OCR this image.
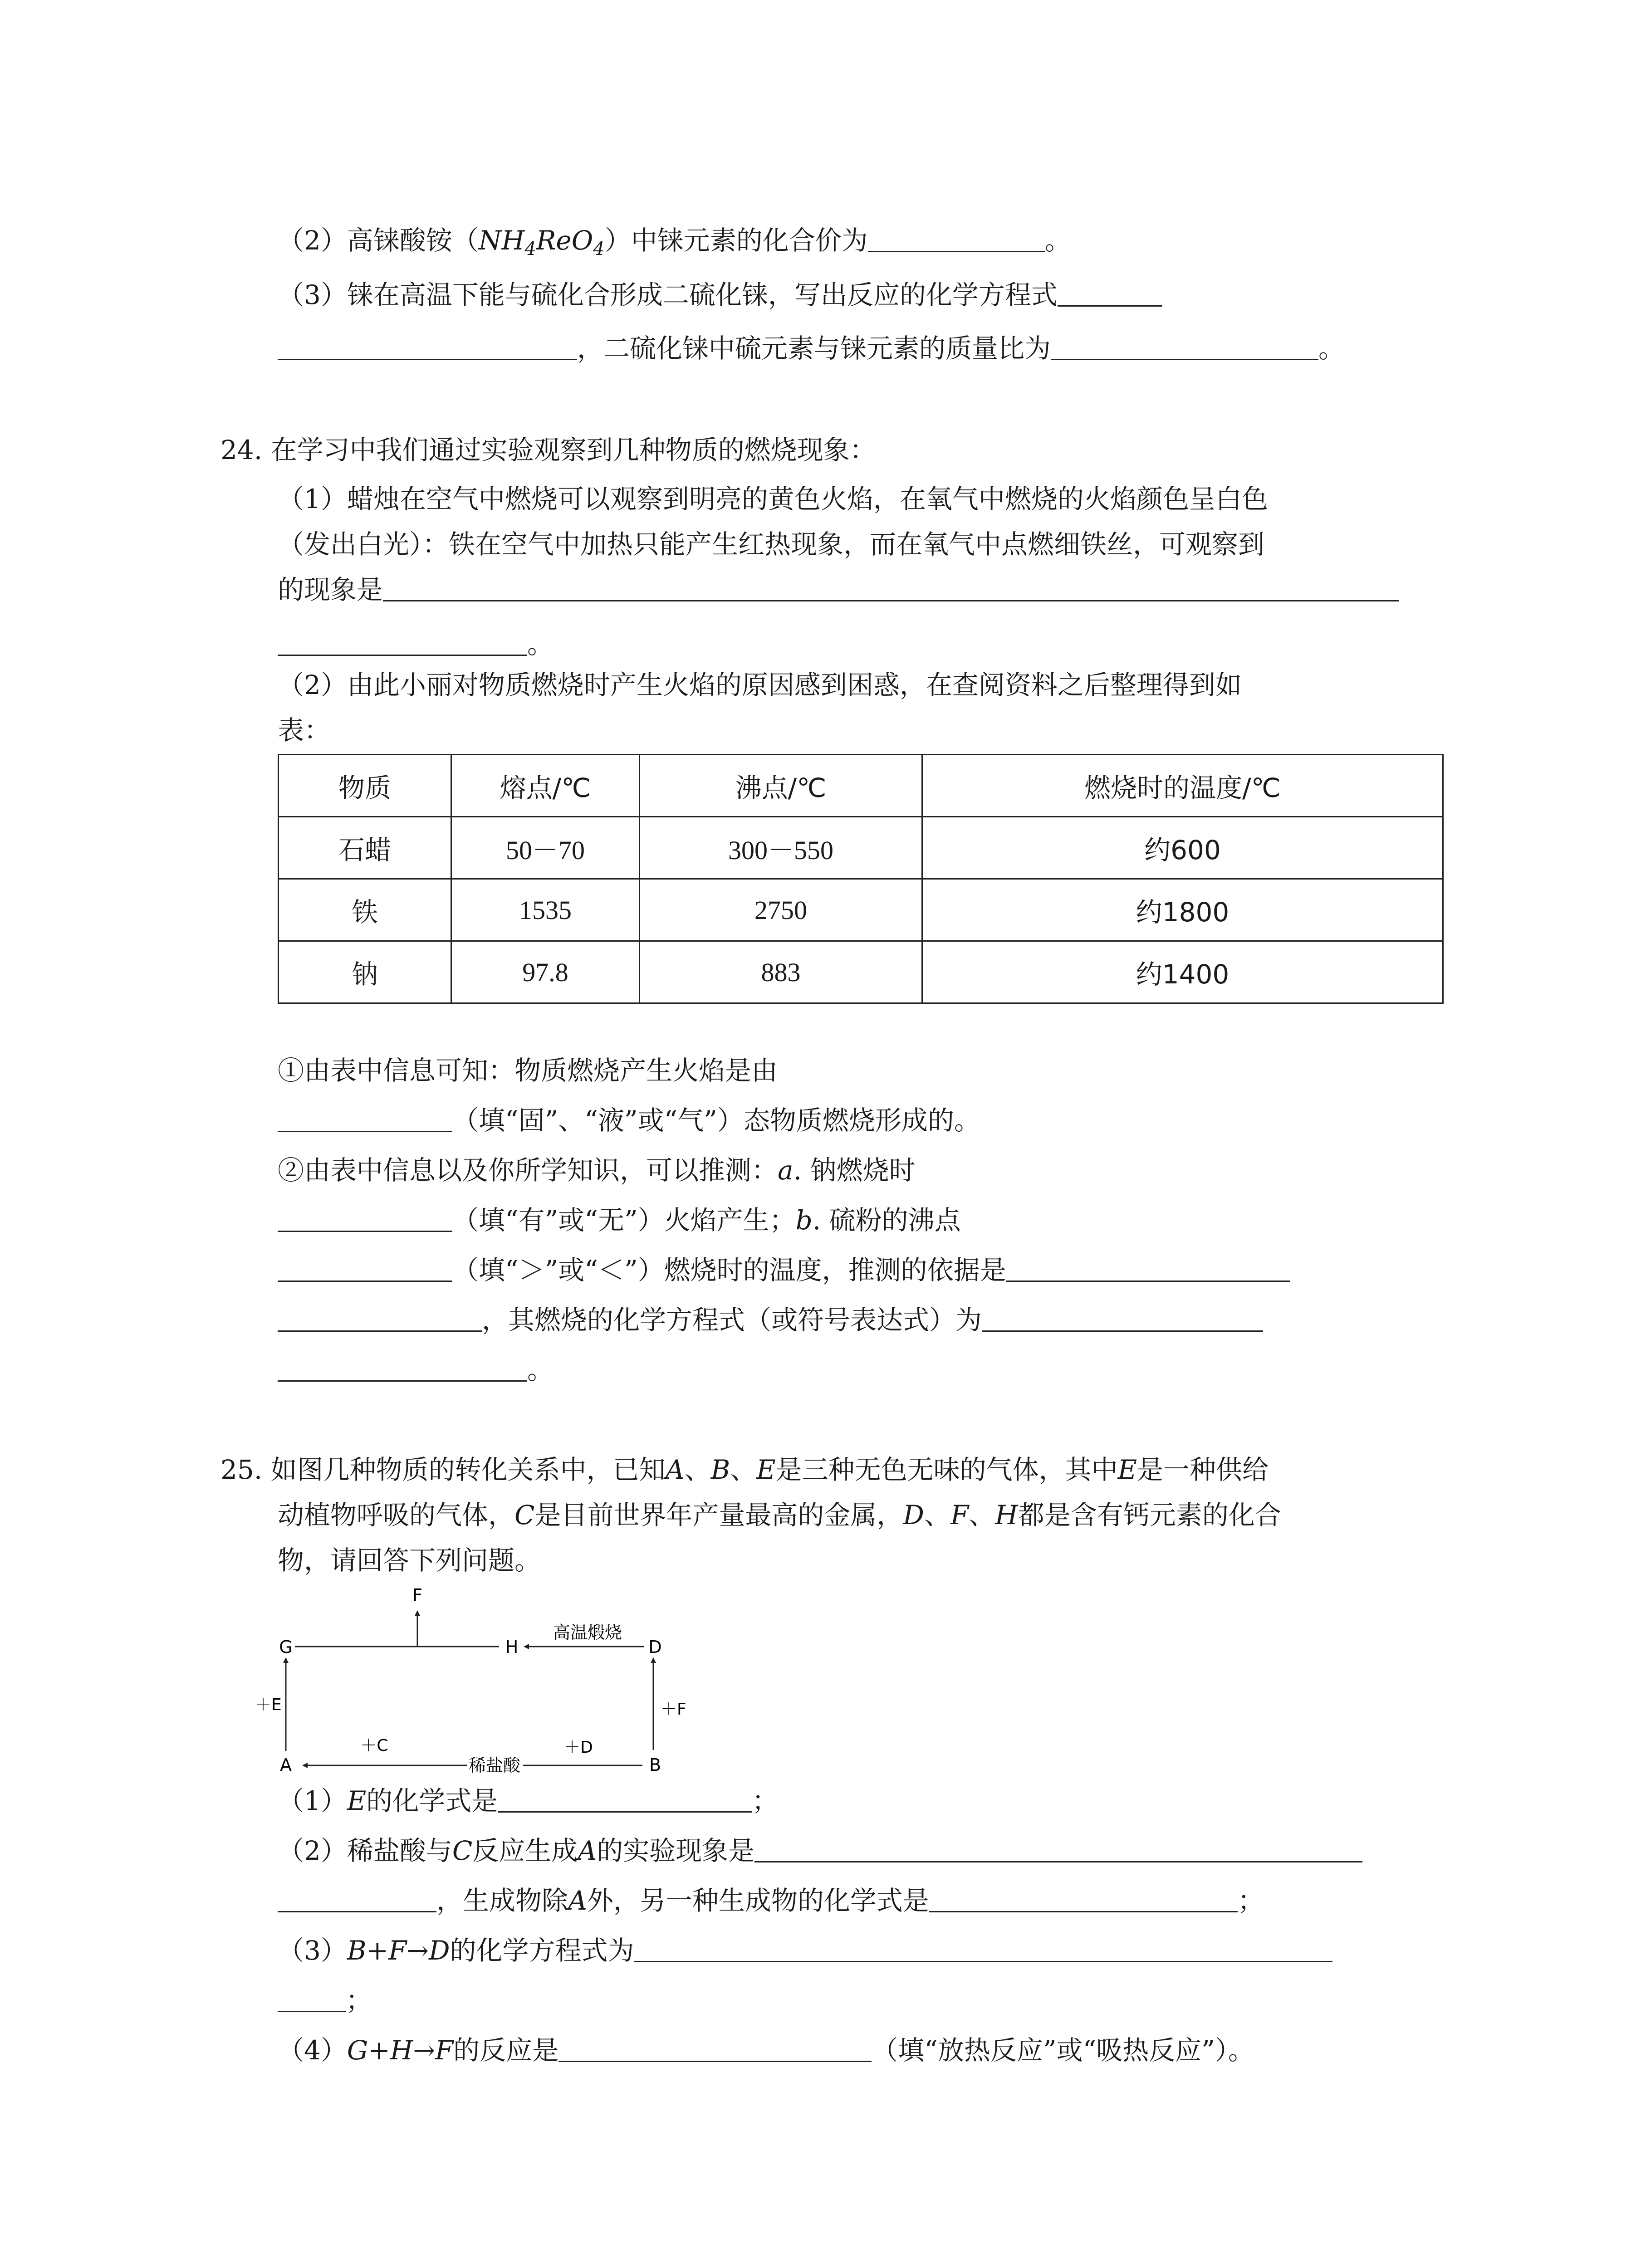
（2）高铼酸铵$(NH_4ReO_4)$中铼元素的化合价为	。
（3）铼在高温下能与硫化合形成二硫化铼，写出反应的化学方程式
，二硫化铼中硫元素与铼元素的质量比为	。
24. 在学习中我们通过实验观察到几种物质的燃烧现象：
（1）蜡烛在空气中燃烧可以观察到明亮的黄色火焰，在氧气中燃烧的火焰颜色呈白色
（发出白光）：铁在空气中加热只能产生红热现象，而在氧气中点燃细铁丝，可观察到
的现象是
。
（2）由此小丽对物质燃烧时产生火焰的原因感到困惑，在查阅资料之后整理得到如
表：
物质	熔点/℃	沸点/℃	燃烧时的温度/℃
石蜡	50－70	300－550	约600
铁	1535	2750	约1800
钠	97.8	883	约1400
①由表中信息可知：物质燃烧产生火焰是由
（填“固”、“液”或“气”）态物质燃烧形成的。
②由表中信息以及你所学知识，可以推测：a. 钠燃烧时
（填“有”或“无”）火焰产生；b. 硫粉的沸点
（填“＞”或“＜”）燃烧时的温度，推测的依据是
，其燃烧的化学方程式（或符号表达式）为
。
25. 如图几种物质的转化关系中，已知A、B、E是三种无色无味的气体，其中E是一种供给
动植物呼吸的气体，C是目前世界年产量最高的金属，D、F、H都是含有钙元素的化合
物，请回答下列问题。
F
G	H	D
A	B
高温煅烧
＋E	＋F
＋C
稀盐酸
＋D
（1）E的化学式是	；
（2）稀盐酸与C反应生成A的实验现象是
，生成物除A外，另一种生成物的化学式是	；
（3）B+F→D的化学方程式为
；
（4）G+H→F的反应是	（填“放热反应”或“吸热反应”）。
